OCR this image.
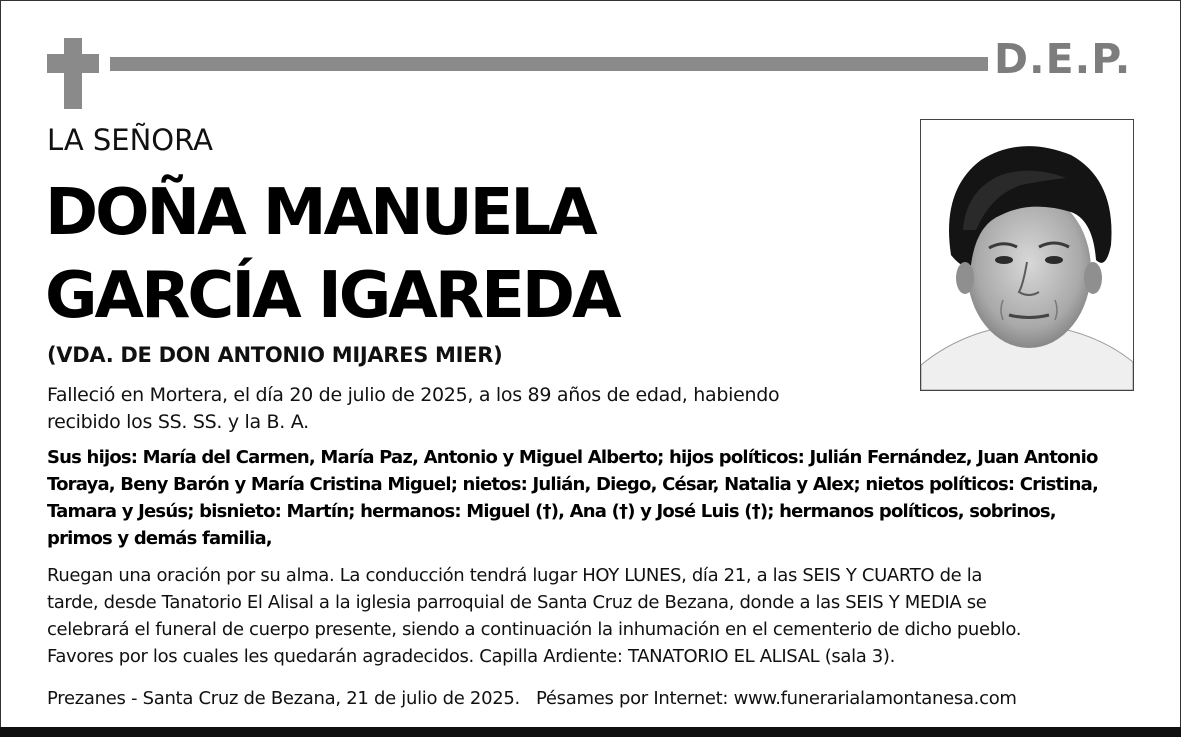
D.E.P.
LA SEÑORA
DOÑA MANUELA
GARCÍA IGAREDA
(VDA. DE DON ANTONIO MIJARES MIER)
Falleció en Mortera, el día 20 de julio de 2025, a los 89 años de edad, habiendo
recibido los SS. SS. y la B. A.
Sus hijos: María del Carmen, María Paz, Antonio y Miguel Alberto; hijos políticos: Julián Fernández, Juan Antonio
Toraya, Beny Barón y María Cristina Miguel; nietos: Julián, Diego, César, Natalia y Alex; nietos políticos: Cristina,
Tamara y Jesús; bisnieto: Martín; hermanos: Miguel (†), Ana (†) y José Luis (†); hermanos políticos, sobrinos,
primos y demás familia,
Ruegan una oración por su alma. La conducción tendrá lugar HOY LUNES, día 21, a las SEIS Y CUARTO de la
tarde, desde Tanatorio El Alisal a la iglesia parroquial de Santa Cruz de Bezana, donde a las SEIS Y MEDIA se
celebrará el funeral de cuerpo presente, siendo a continuación la inhumación en el cementerio de dicho pueblo.
Favores por los cuales les quedarán agradecidos. Capilla Ardiente: TANATORIO EL ALISAL (sala 3).
Prezanes - Santa Cruz de Bezana, 21 de julio de 2025. Pésames por Internet: www.funerarialamontanesa.com
